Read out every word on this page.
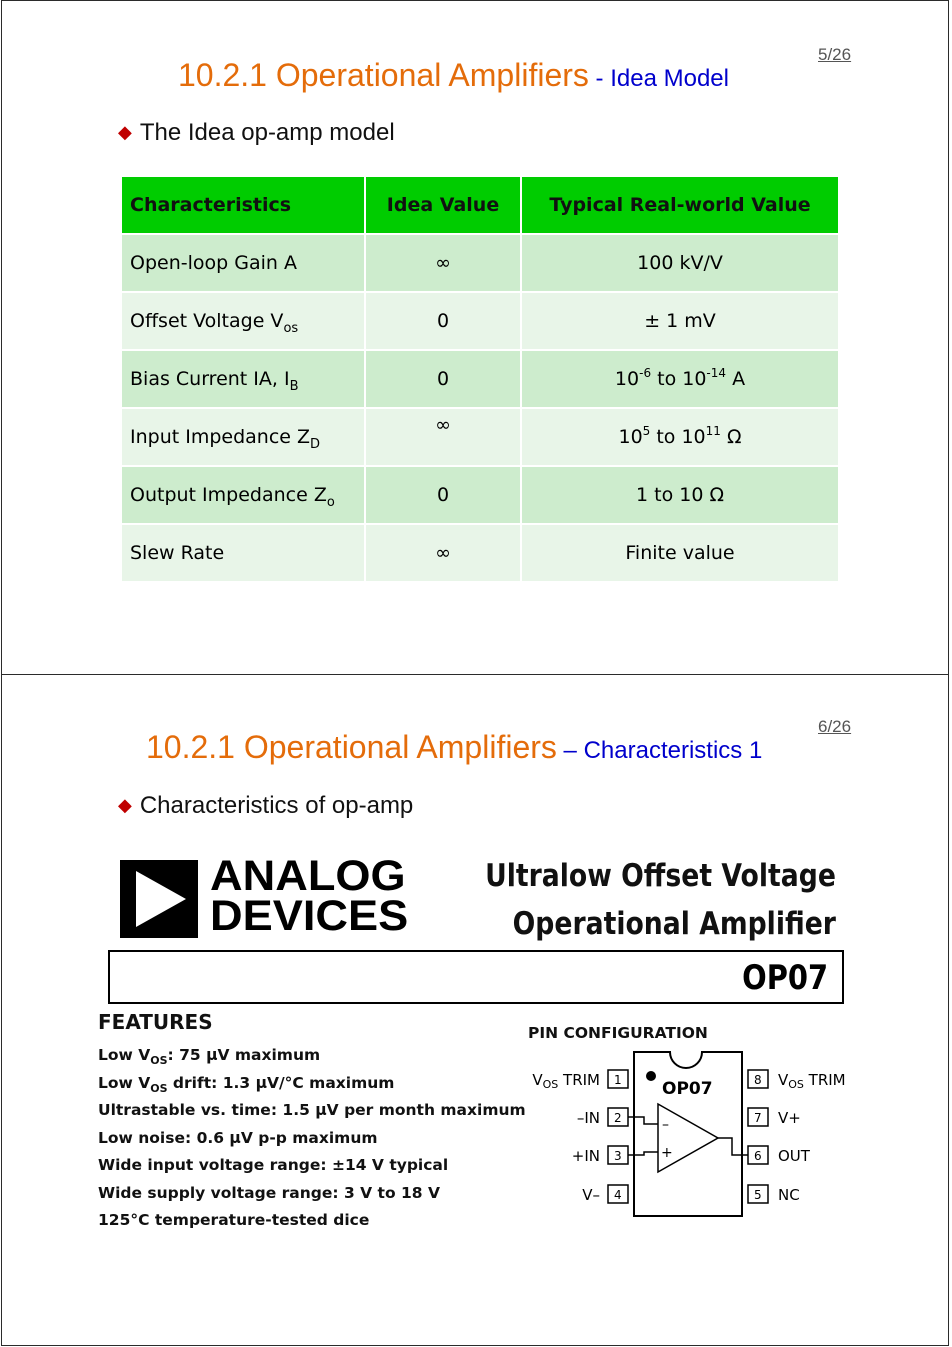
5/26
10.2.1 Operational Amplifiers - Idea Model
◆ The Idea op-amp model
Characteristics	Idea Value	Typical Real-world Value
Open-loop Gain A	∞	100 kV/V
Offset Voltage $V_{os}$	0	± 1 mV
Bias Current IA, $I_B$	0	$10^{-6}$ to $10^{-14}$ A
Input Impedance $Z_D$	∞	$10^5$ to $10^{11}$ Ω
Output Impedance $Z_o$	0	1 to 10 Ω
Slew Rate	∞	Finite value
6/26
10.2.1 Operational Amplifiers – Characteristics 1
◆ Characteristics of op-amp
ANALOG
DEVICES
Ultralow Offset Voltage
Operational Amplifier
OP07
FEATURES
Low $V_{OS}$: 75 μV maximum
Low $V_{OS}$ drift: 1.3 μV/°C maximum
Ultrastable vs. time: 1.5 μV per month maximum
Low noise: 0.6 μV p-p maximum
Wide input voltage range: ±14 V typical
Wide supply voltage range: 3 V to 18 V
125°C temperature-tested dice
PIN CONFIGURATION
OP07
1
2
3
4
$V_{OS}$ TRIM
–IN
+IN
V–
8
7
6
5
$V_{OS}$ TRIM
V+
OUT
NC
–
+
